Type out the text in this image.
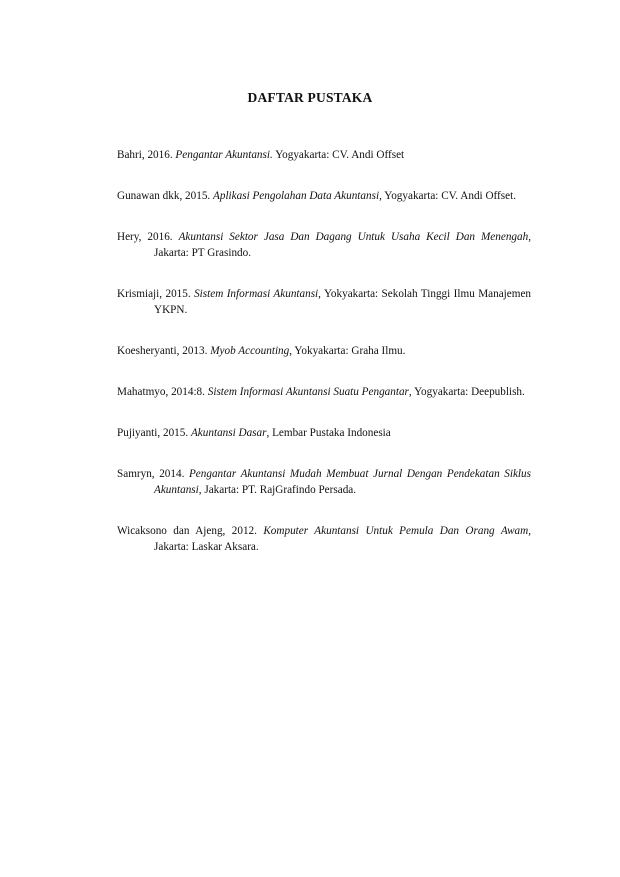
DAFTAR PUSTAKA
Bahri, 2016. Pengantar Akuntansi. Yogyakarta: CV. Andi Offset
Gunawan dkk, 2015. Aplikasi Pengolahan Data Akuntansi, Yogyakarta: CV. Andi Offset.
Hery, 2016. Akuntansi Sektor Jasa Dan Dagang Untuk Usaha Kecil Dan Menengah, Jakarta: PT Grasindo.
Krismiaji, 2015. Sistem Informasi Akuntansi, Yokyakarta: Sekolah Tinggi Ilmu Manajemen YKPN.
Koesheryanti, 2013. Myob Accounting, Yokyakarta: Graha Ilmu.
Mahatmyo, 2014:8. Sistem Informasi Akuntansi Suatu Pengantar, Yogyakarta: Deepublish.
Pujiyanti, 2015. Akuntansi Dasar, Lembar Pustaka Indonesia
Samryn, 2014. Pengantar Akuntansi Mudah Membuat Jurnal Dengan Pendekatan Siklus Akuntansi, Jakarta: PT. RajGrafindo Persada.
Wicaksono dan Ajeng, 2012. Komputer Akuntansi Untuk Pemula Dan Orang Awam, Jakarta: Laskar Aksara.
